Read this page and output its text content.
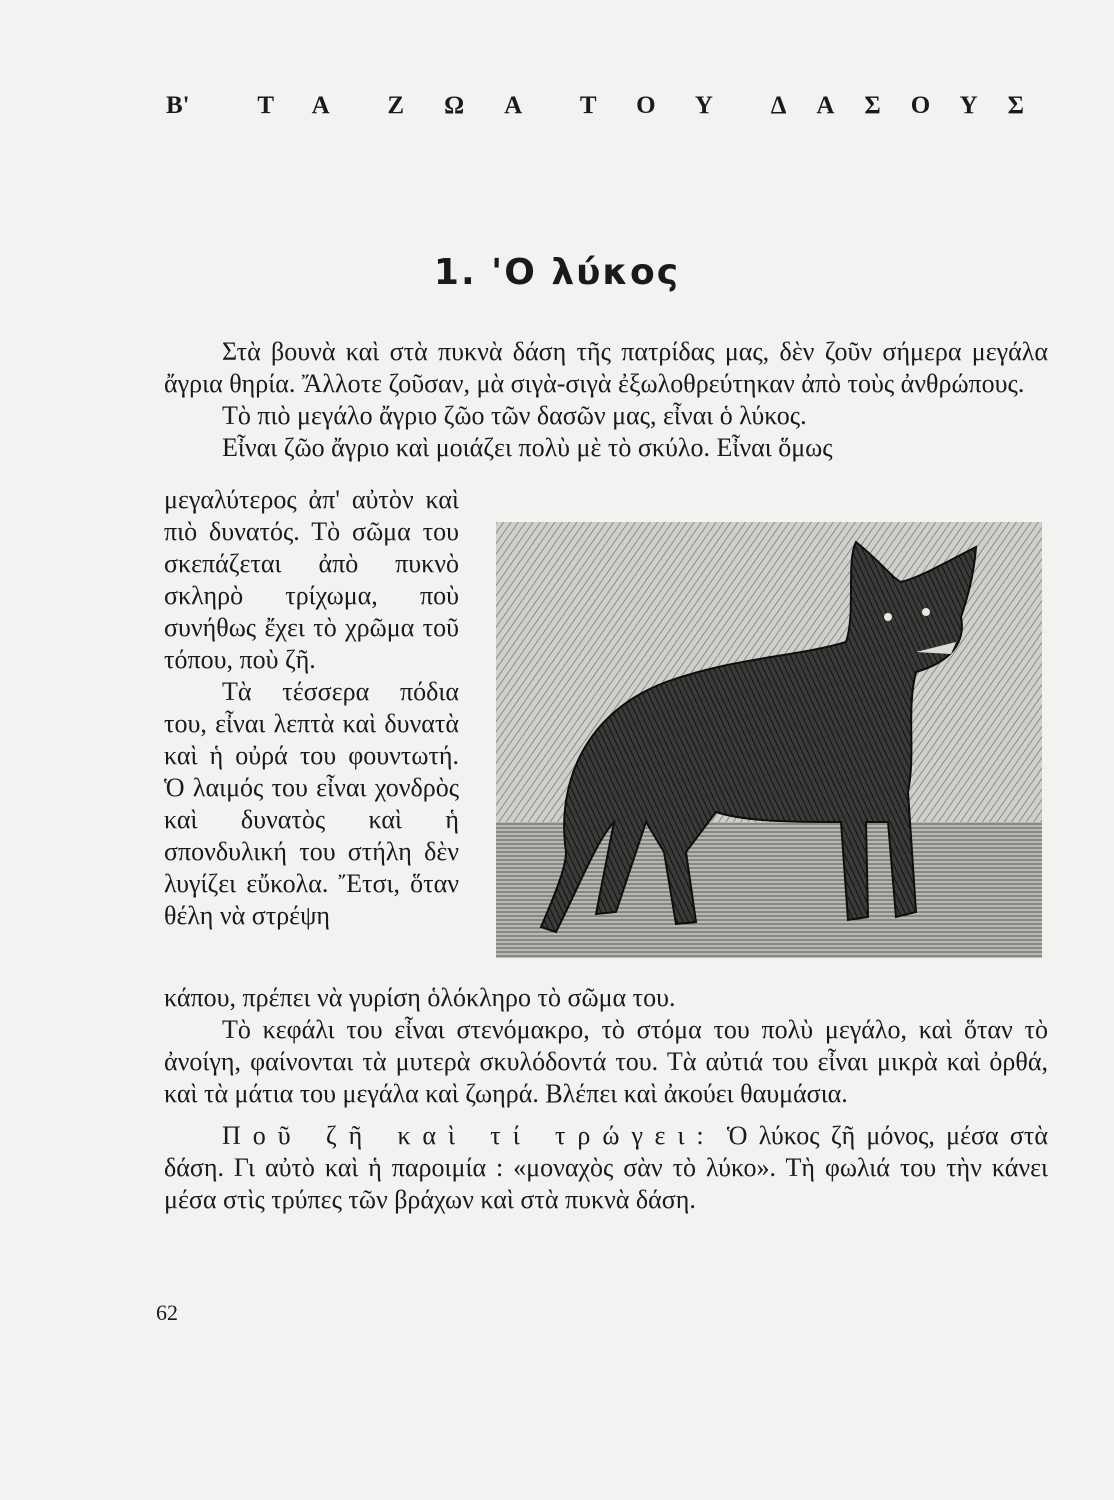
Β'	ΤΑ ΖΩΑ ΤΟΥ ΔΑΣΟΥΣ
1. 'Ο λύκος

Στὰ βουνὰ καὶ στὰ πυκνὰ δάση τῆς πατρίδας μας, δὲν ζοῦν σήμερα μεγάλα ἄγρια θηρία. Ἄλλοτε ζοῦσαν, μὰ σιγὰ-σιγὰ ἐξωλοθρεύτηκαν ἀπὸ τοὺς ἀνθρώπους.

Τὸ πιὸ μεγάλο ἄγριο ζῶο τῶν δασῶν μας, εἶναι ὁ λύκος.

Εἶναι ζῶο ἄγριο καὶ μοιάζει πολὺ μὲ τὸ σκύλο. Εἶναι ὅμως

μεγαλύτερος ἀπ' αὐτὸν καὶ πιὸ δυνατός. Τὸ σῶμα του σκεπάζεται ἀπὸ πυκνὸ σκληρὸ τρίχωμα, ποὺ συνήθως ἔχει τὸ χρῶμα τοῦ τόπου, ποὺ ζῆ.

Τὰ τέσσερα πόδια του, εἶναι λεπτὰ καὶ δυνατὰ καὶ ἡ οὐρά του φουντωτή. Ὁ λαιμός του εἶναι χονδρὸς καὶ δυνατὸς καὶ ἡ σπονδυλική του στήλη δὲν λυγίζει εὔκολα. Ἔτσι, ὅταν θέλη νὰ στρέψη

κάπου, πρέπει νὰ γυρίση ὁλόκληρο τὸ σῶμα του.

Τὸ κεφάλι του εἶναι στενόμακρο, τὸ στόμα του πολὺ μεγάλο, καὶ ὅταν τὸ ἀνοίγη, φαίνονται τὰ μυτερὰ σκυλόδοντά του. Τὰ αὐτιά του εἶναι μικρὰ καὶ ὀρθά, καὶ τὰ μάτια του μεγάλα καὶ ζωηρά. Βλέπει καὶ ἀκούει θαυμάσια.

Ποῦ ζῆ καὶ τί τρώγει: Ὁ λύκος ζῆ μόνος, μέσα στὰ δάση. Γι αὐτὸ καὶ ἡ παροιμία : «μοναχὸς σὰν τὸ λύκο». Τὴ φωλιά του τὴν κάνει μέσα στὶς τρύπες τῶν βράχων καὶ στὰ πυκνὰ δάση.

62
